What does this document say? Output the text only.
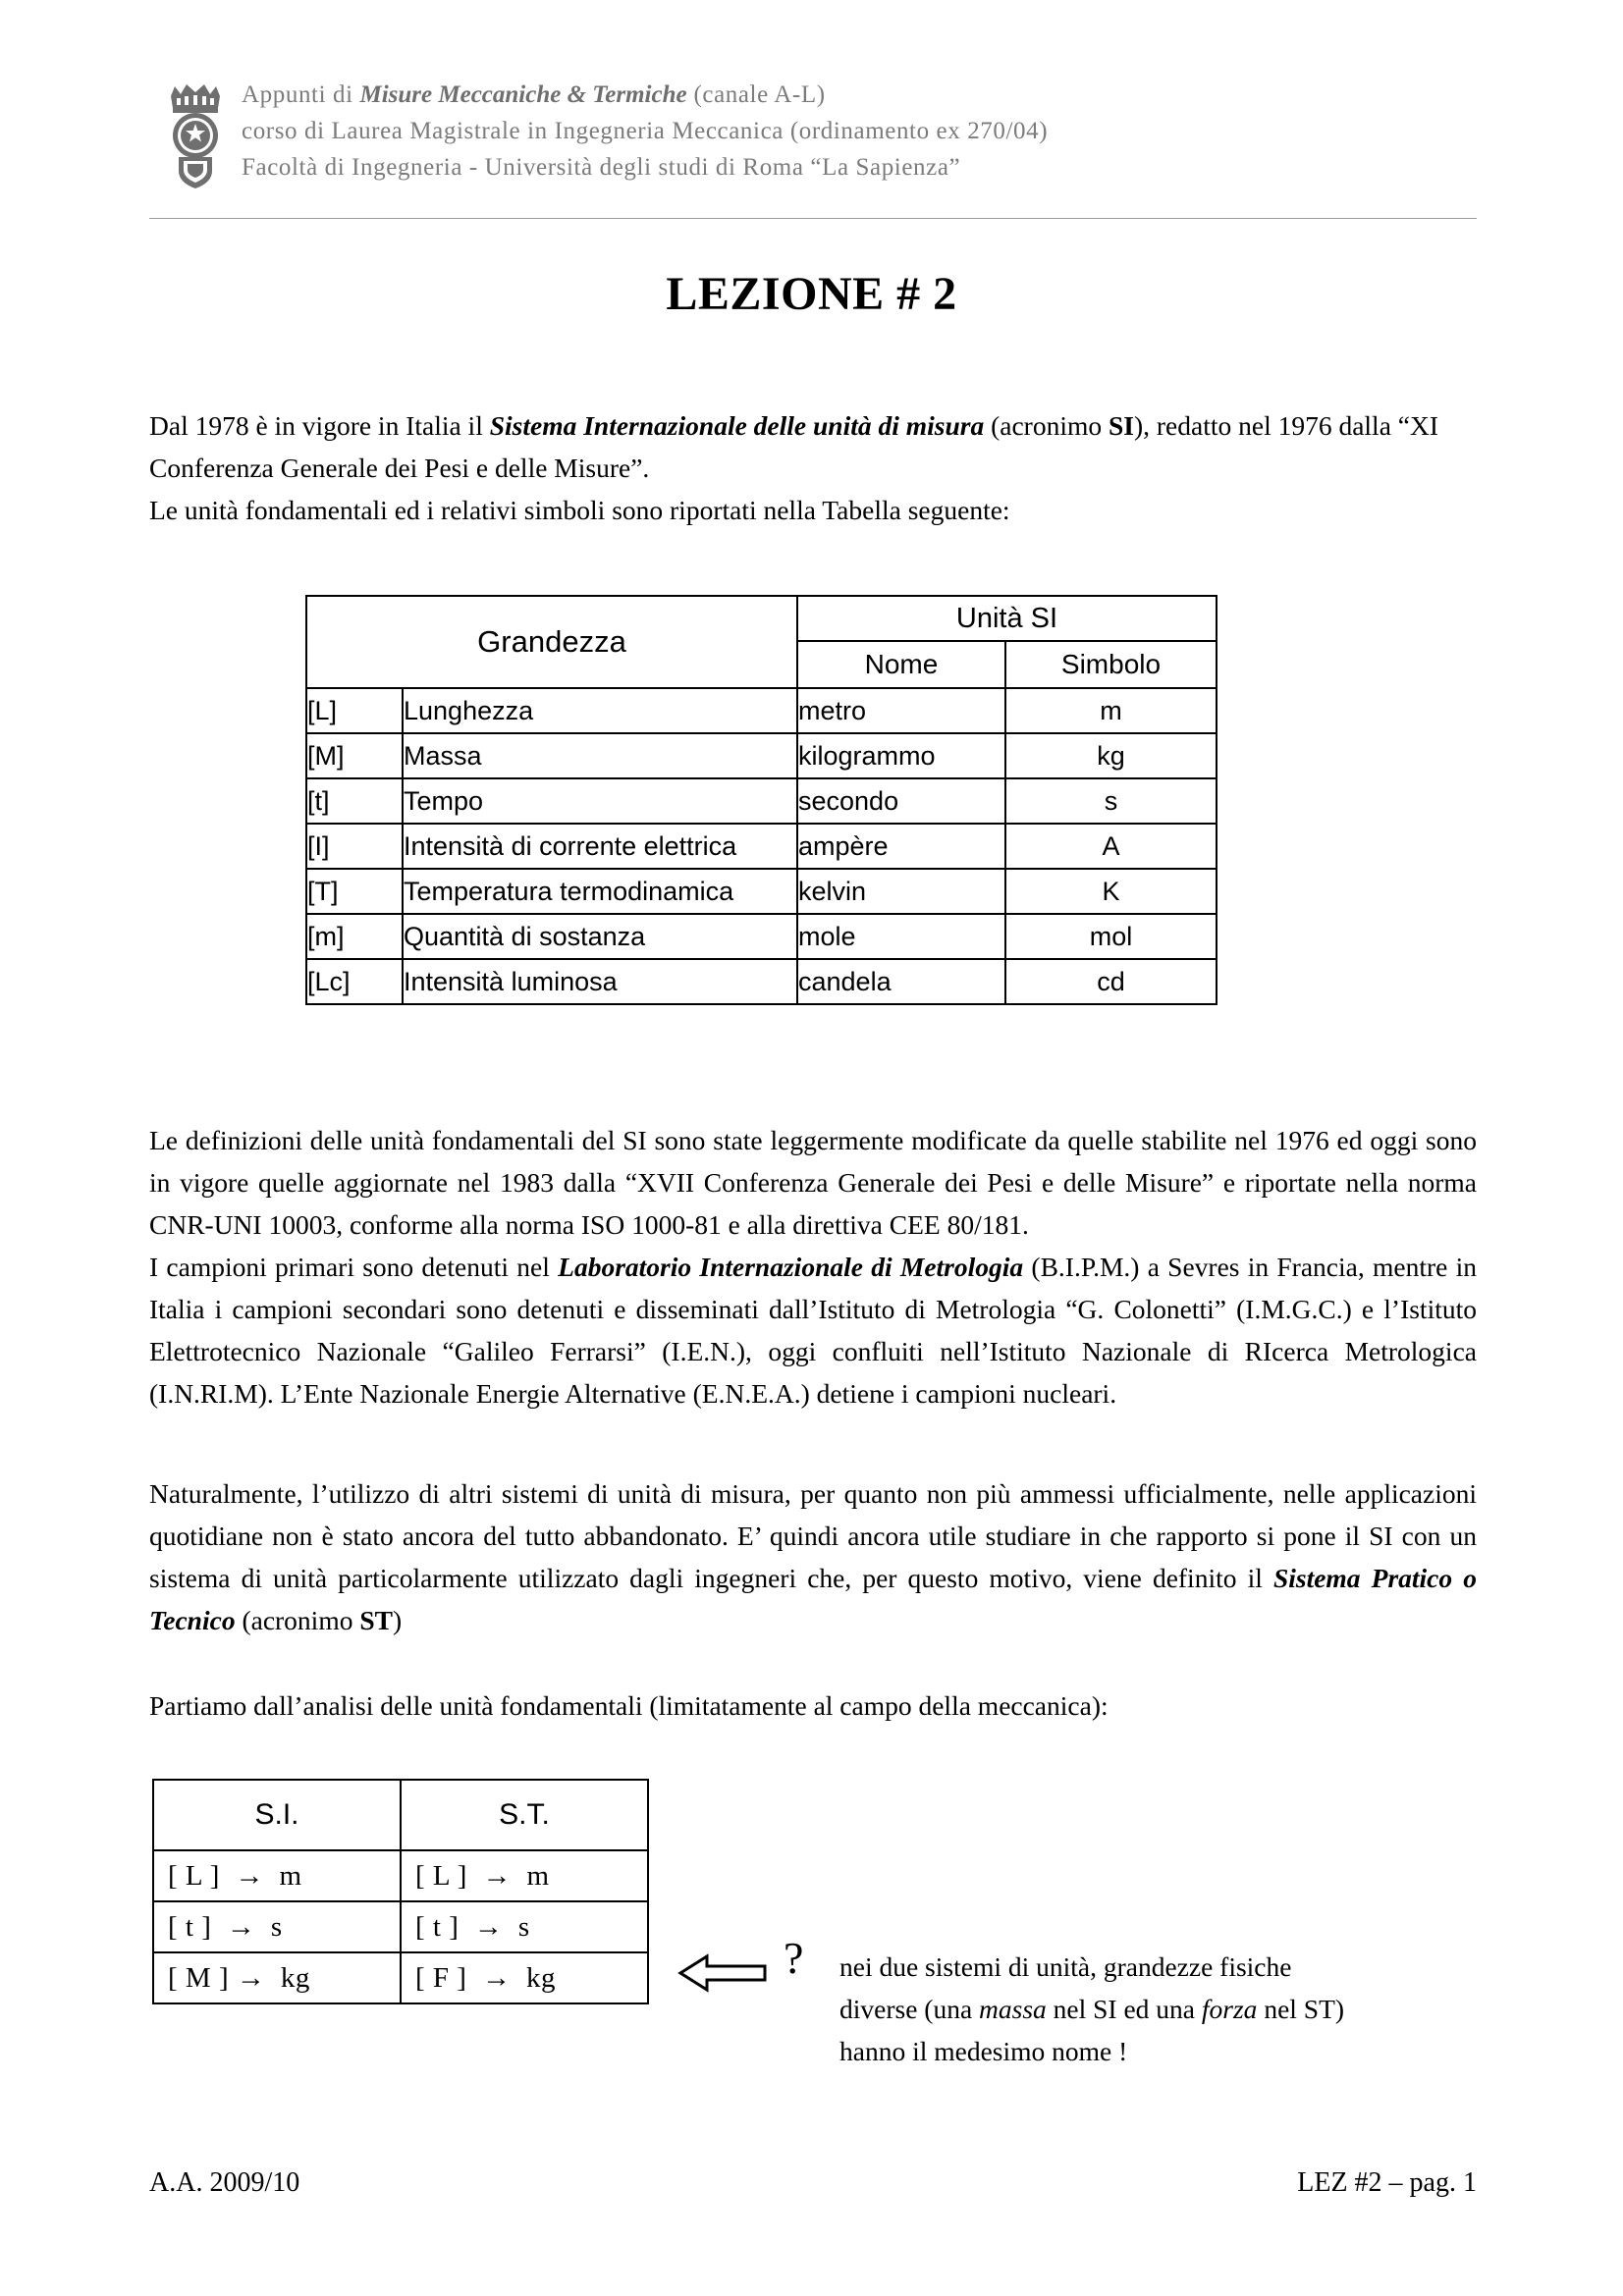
Appunti di Misure Meccaniche & Termiche (canale A-L)
corso di Laurea Magistrale in Ingegneria Meccanica (ordinamento ex 270/04)
Facoltà di Ingegneria - Università degli studi di Roma “La Sapienza”
LEZIONE # 2
Dal 1978 è in vigore in Italia il Sistema Internazionale delle unità di misura (acronimo SI), redatto nel 1976 dalla “XI Conferenza Generale dei Pesi e delle Misure”.
Le unità fondamentali ed i relativi simboli sono riportati nella Tabella seguente:
Grandezza		Unità SI	
		Nome	Simbolo
[L]	Lunghezza	metro	m
[M]	Massa	kilogrammo	kg
[t]	Tempo	secondo	s
[I]	Intensità di corrente elettrica	ampère	A
[T]	Temperatura termodinamica	kelvin	K
[m]	Quantità di sostanza	mole	mol
[Lc]	Intensità luminosa	candela	cd
Le definizioni delle unità fondamentali del SI sono state leggermente modificate da quelle stabilite nel 1976 ed oggi sono in vigore quelle aggiornate nel 1983 dalla “XVII Conferenza Generale dei Pesi e delle Misure” e riportate nella norma CNR-UNI 10003, conforme alla norma ISO 1000-81 e alla direttiva CEE 80/181.
I campioni primari sono detenuti nel Laboratorio Internazionale di Metrologia (B.I.P.M.) a Sevres in Francia, mentre in Italia i campioni secondari sono detenuti e disseminati dall’Istituto di Metrologia “G. Colonetti” (I.M.G.C.) e l’Istituto Elettrotecnico Nazionale “Galileo Ferrarsi” (I.E.N.), oggi confluiti nell’Istituto Nazionale di RIcerca Metrologica (I.N.RI.M). L’Ente Nazionale Energie Alternative (E.N.E.A.) detiene i campioni nucleari.
Naturalmente, l’utilizzo di altri sistemi di unità di misura, per quanto non più ammessi ufficialmente, nelle applicazioni quotidiane non è stato ancora del tutto abbandonato. E’ quindi ancora utile studiare in che rapporto si pone il SI con un sistema di unità particolarmente utilizzato dagli ingegneri che, per questo motivo, viene definito il Sistema Pratico o Tecnico (acronimo ST)
Partiamo dall’analisi delle unità fondamentali (limitatamente al campo della meccanica):
S.I.	S.T.
[ L ]  →  m	[ L ]  →  m
[ t ]  →  s	[ t ]  →  s
[ M ] →  kg	[ F ]  →  kg	? nei due sistemi di unità, grandezze fisiche
diverse (una massa nel SI ed una forza nel ST)
hanno il medesimo nome !
A.A. 2009/10	LEZ #2 – pag. 1
